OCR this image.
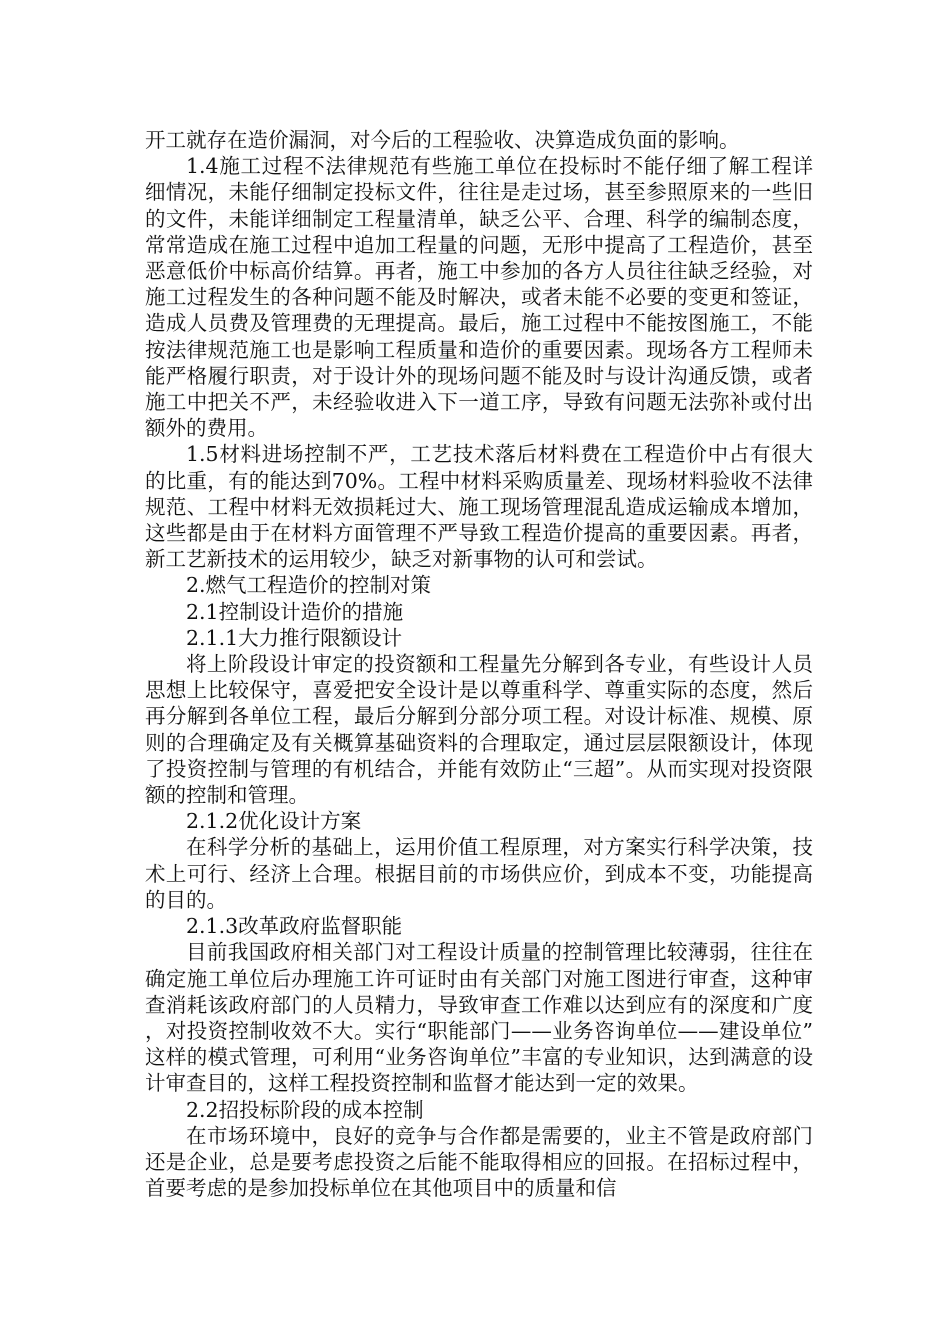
开工就存在造价漏洞，对今后的工程验收、决算造成负面的影响。

1.4施工过程不法律规范有些施工单位在投标时不能仔细了解工程详细情况，未能仔细制定投标文件，往往是走过场，甚至参照原来的一些旧的文件，未能详细制定工程量清单，缺乏公平、合理、科学的编制态度，常常造成在施工过程中追加工程量的问题，无形中提高了工程造价，甚至恶意低价中标高价结算。再者，施工中参加的各方人员往往缺乏经验，对施工过程发生的各种问题不能及时解决，或者未能不必要的变更和签证，造成人员费及管理费的无理提高。最后，施工过程中不能按图施工，不能按法律规范施工也是影响工程质量和造价的重要因素。现场各方工程师未能严格履行职责，对于设计外的现场问题不能及时与设计沟通反馈，或者施工中把关不严，未经验收进入下一道工序，导致有问题无法弥补或付出额外的费用。

1.5材料进场控制不严，工艺技术落后材料费在工程造价中占有很大的比重，有的能达到70%。工程中材料采购质量差、现场材料验收不法律规范、工程中材料无效损耗过大、施工现场管理混乱造成运输成本增加，这些都是由于在材料方面管理不严导致工程造价提高的重要因素。再者，新工艺新技术的运用较少，缺乏对新事物的认可和尝试。

2.燃气工程造价的控制对策

2.1控制设计造价的措施

2.1.1大力推行限额设计

将上阶段设计审定的投资额和工程量先分解到各专业，有些设计人员思想上比较保守，喜爱把安全设计是以尊重科学、尊重实际的态度，然后再分解到各单位工程，最后分解到分部分项工程。对设计标准、规模、原则的合理确定及有关概算基础资料的合理取定，通过层层限额设计，体现了投资控制与管理的有机结合，并能有效防止“三超”。从而实现对投资限额的控制和管理。

2.1.2优化设计方案

在科学分析的基础上，运用价值工程原理，对方案实行科学决策，技术上可行、经济上合理。根据目前的市场供应价，到成本不变，功能提高的目的。

2.1.3改革政府监督职能

目前我国政府相关部门对工程设计质量的控制管理比较薄弱，往往在确定施工单位后办理施工许可证时由有关部门对施工图进行审查，这种审查消耗该政府部门的人员精力，导致审查工作难以达到应有的深度和广度，对投资控制收效不大。实行“职能部门——业务咨询单位——建设单位”这样的模式管理，可利用“业务咨询单位”丰富的专业知识，达到满意的设计审查目的，这样工程投资控制和监督才能达到一定的效果。

2.2招投标阶段的成本控制

在市场环境中，良好的竞争与合作都是需要的，业主不管是政府部门还是企业，总是要考虑投资之后能不能取得相应的回报。在招标过程中，首要考虑的是参加投标单位在其他项目中的质量和信
